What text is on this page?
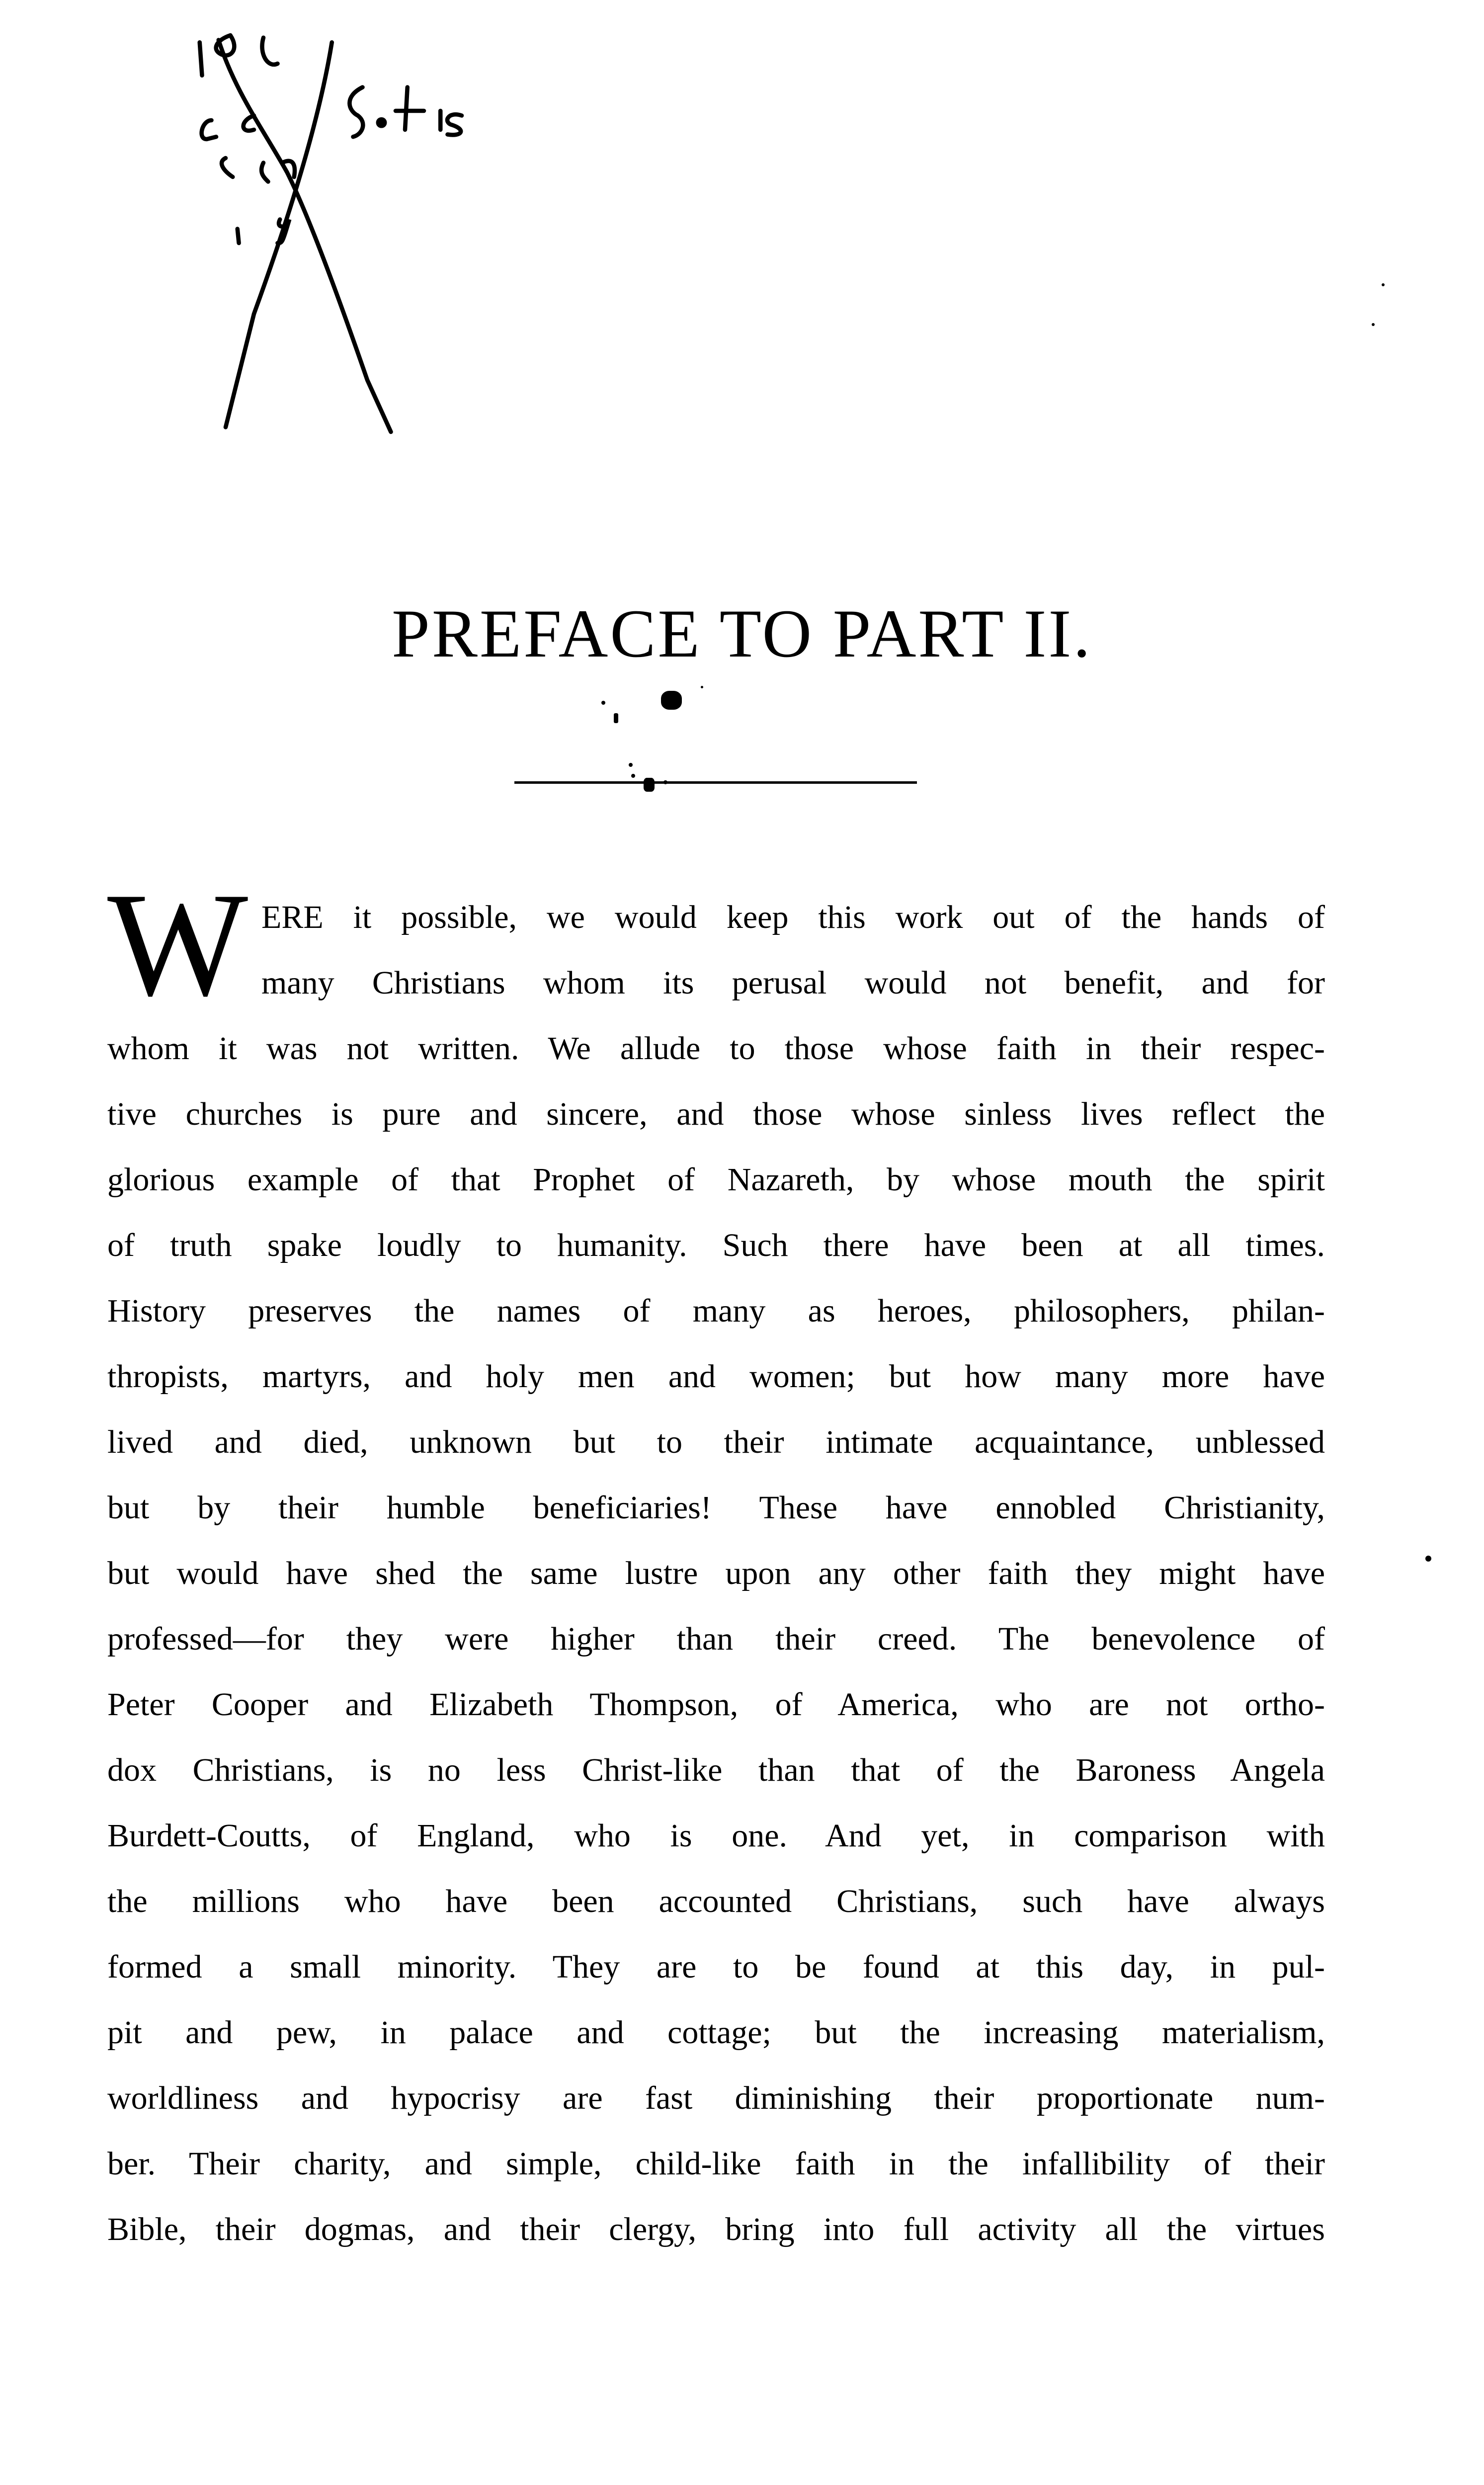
PREFACE TO PART II.
W ERE it possible, we would keep this work out of the hands of
many Christians whom its perusal would not benefit, and for
whom it was not written. We allude to those whose faith in their respec-
tive churches is pure and sincere, and those whose sinless lives reflect the
glorious example of that Prophet of Nazareth, by whose mouth the spirit
of truth spake loudly to humanity. Such there have been at all times.
History preserves the names of many as heroes, philosophers, philan-
thropists, martyrs, and holy men and women; but how many more have
lived and died, unknown but to their intimate acquaintance, unblessed
but by their humble beneficiaries! These have ennobled Christianity,
but would have shed the same lustre upon any other faith they might have
professed—for they were higher than their creed. The benevolence of
Peter Cooper and Elizabeth Thompson, of America, who are not ortho-
dox Christians, is no less Christ-like than that of the Baroness Angela
Burdett-Coutts, of England, who is one. And yet, in comparison with
the millions who have been accounted Christians, such have always
formed a small minority. They are to be found at this day, in pul-
pit and pew, in palace and cottage; but the increasing materialism,
worldliness and hypocrisy are fast diminishing their proportionate num-
ber. Their charity, and simple, child-like faith in the infallibility of their
Bible, their dogmas, and their clergy, bring into full activity all the virtues
